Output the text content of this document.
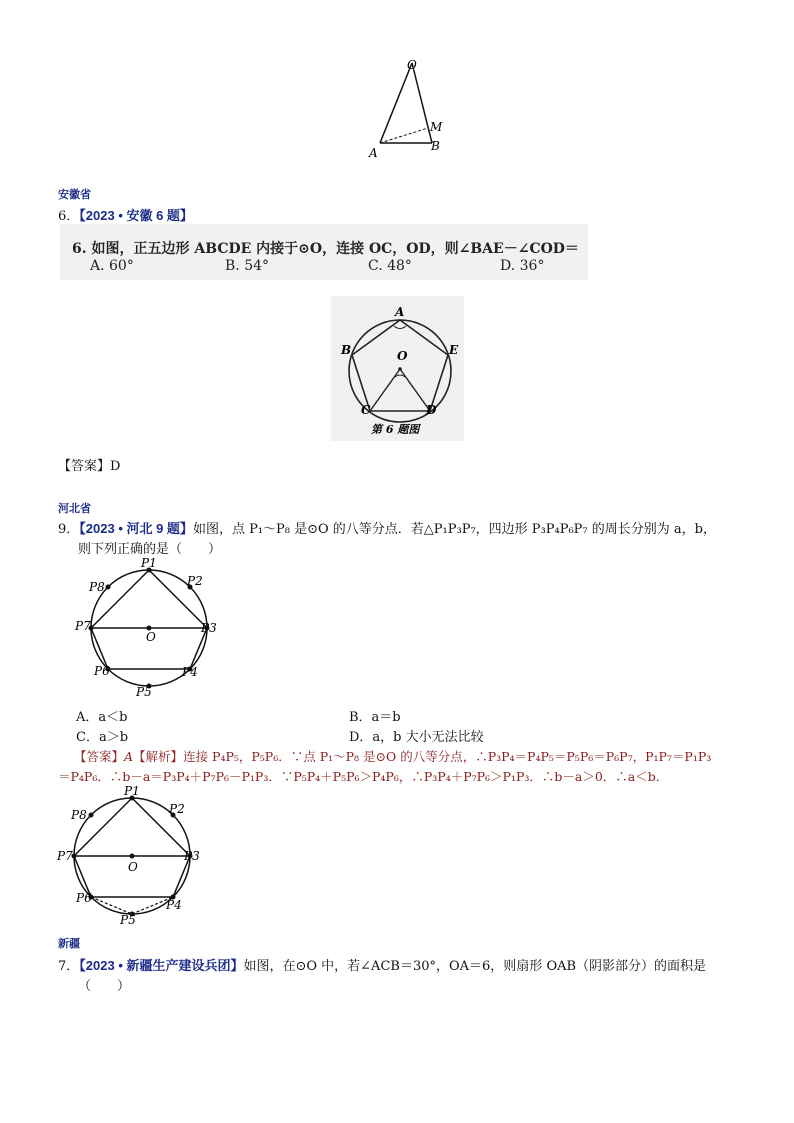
O
M
A	B
安徽省
6．【2023 • 安徽 6 题】
6. 如图，正五边形 ABCDE 内接于⊙O，连接 OC，OD，则∠BAE－∠COD＝
A. 60°	B. 54°	C. 48°	D. 36°
A
B	E
O
C	D
第 6 题图
【答案】D
河北省
9．【2023 • 河北 9 题】如图，点 P₁～P₈ 是⊙O 的八等分点．若△P₁P₃P₇，四边形 P₃P₄P₆P₇ 的周长分别为 a，b，
则下列正确的是（　　）
P1
P2
P3
P4
P5
P6
P7
P8
O
A．a＜b	B．a＝b
C．a＞b	D．a，b 大小无法比较
【答案】A【解析】连接 P₄P₅，P₅P₆．∵点 P₁～P₈ 是⊙O 的八等分点，∴P₃P₄＝P₄P₅＝P₅P₆＝P₆P₇，P₁P₇＝P₁P₃
＝P₄P₆．∴b－a＝P₃P₄＋P₇P₆－P₁P₃．∵P₅P₄＋P₅P₆＞P₄P₆，∴P₃P₄＋P₇P₆＞P₁P₃．∴b－a＞0．∴a＜b．
P1
P2
P3
P4
P5
P6
P7
P8
O
新疆
7．【2023 • 新疆生产建设兵团】如图，在⊙O 中，若∠ACB＝30°，OA＝6，则扇形 OAB（阴影部分）的面积是
（　　）
